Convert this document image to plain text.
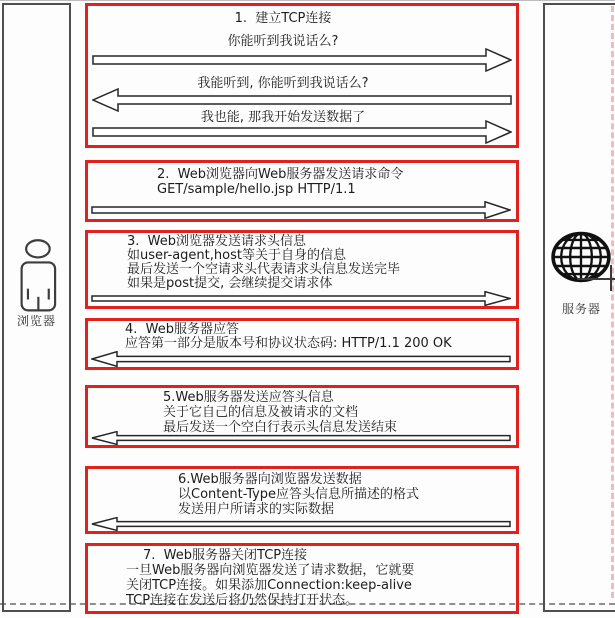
浏览器
服务器
1.  建立TCP连接
你能听到我说话么?
我能听到, 你能听到我说话么?
我也能, 那我开始发送数据了
2.  Web浏览器向Web服务器发送请求命令
GET/sample/hello.jsp HTTP/1.1
3.  Web浏览器发送请求头信息
如user-agent,host等关于自身的信息
最后发送一个空请求头代表请求头信息发送完毕
如果是post提交, 会继续提交请求体
4.  Web服务器应答
应答第一部分是版本号和协议状态码: HTTP/1.1 200 OK
5.Web服务器发送应答头信息
关于它自己的信息及被请求的文档
最后发送一个空白行表示头信息发送结束
6.Web服务器向浏览器发送数据
以Content-Type应答头信息所描述的格式
发送用户所请求的实际数据
7.  Web服务器关闭TCP连接
一旦Web服务器向浏览器发送了请求数据，它就要
关闭TCP连接。如果添加Connection:keep-alive
TCP连接在发送后将仍然保持打开状态。
